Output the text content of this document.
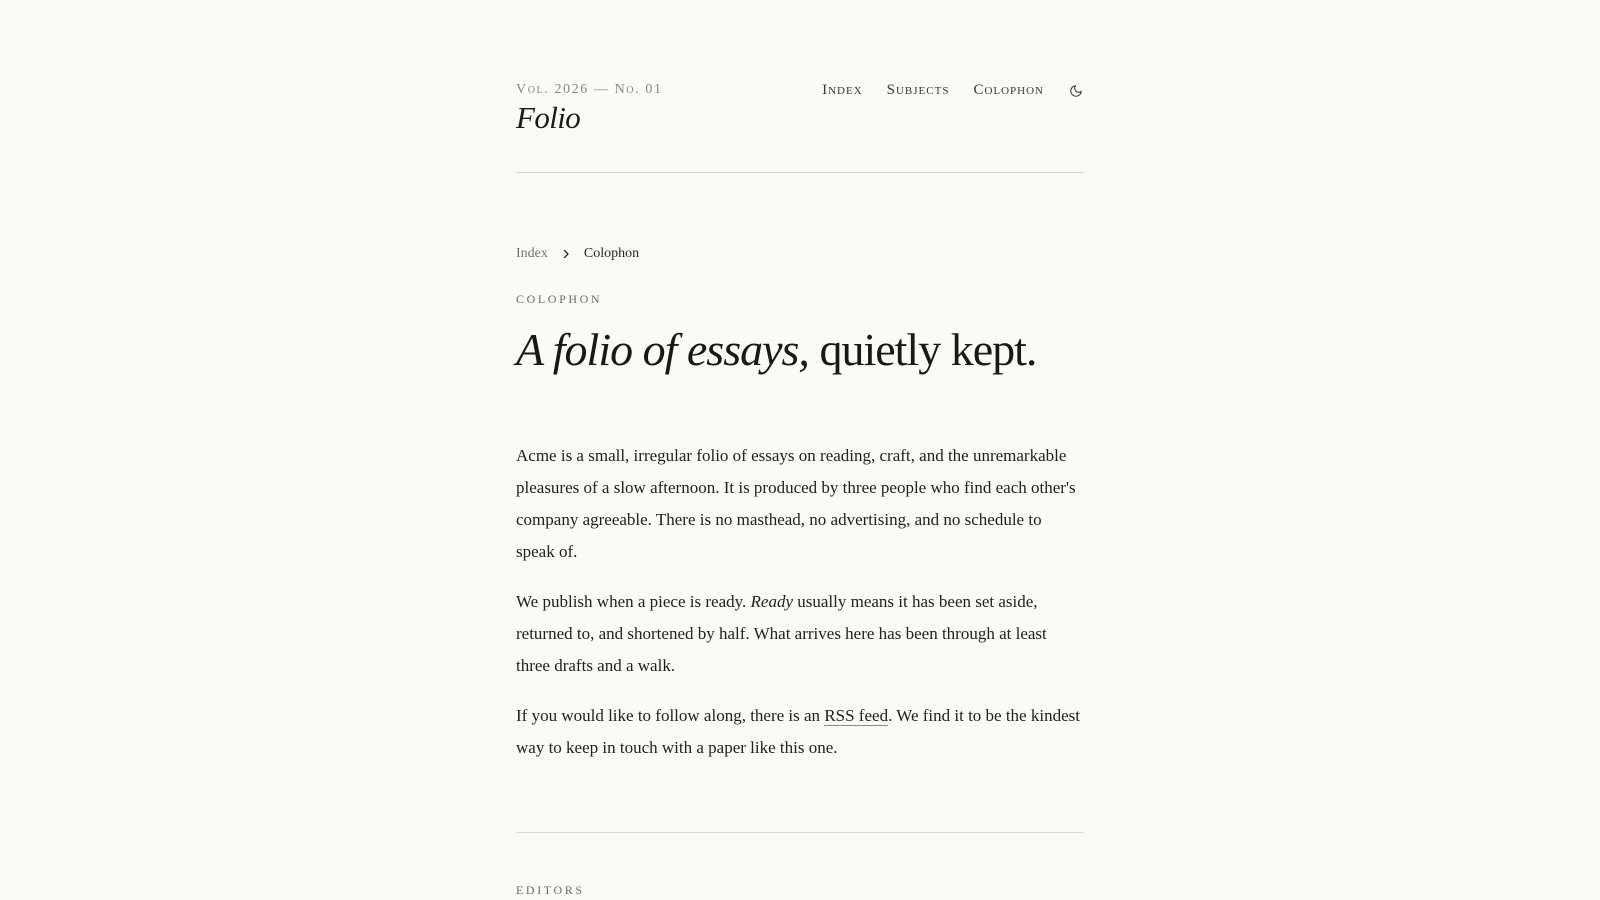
Vol. 2026 — No. 01
Folio
Index Subjects Colophon
Index	Colophon
COLOPHON
A folio of essays, quietly kept.

Acme is a small, irregular folio of essays on reading, craft, and the unremarkable pleasures of a slow afternoon. It is produced by three people who find each other's company agreeable. There is no masthead, no advertising, and no schedule to speak of.

We publish when a piece is ready. Ready usually means it has been set aside, returned to, and shortened by half. What arrives here has been through at least three drafts and a walk.

If you would like to follow along, there is an RSS feed. We find it to be the kindest way to keep in touch with a paper like this one.

EDITORS
